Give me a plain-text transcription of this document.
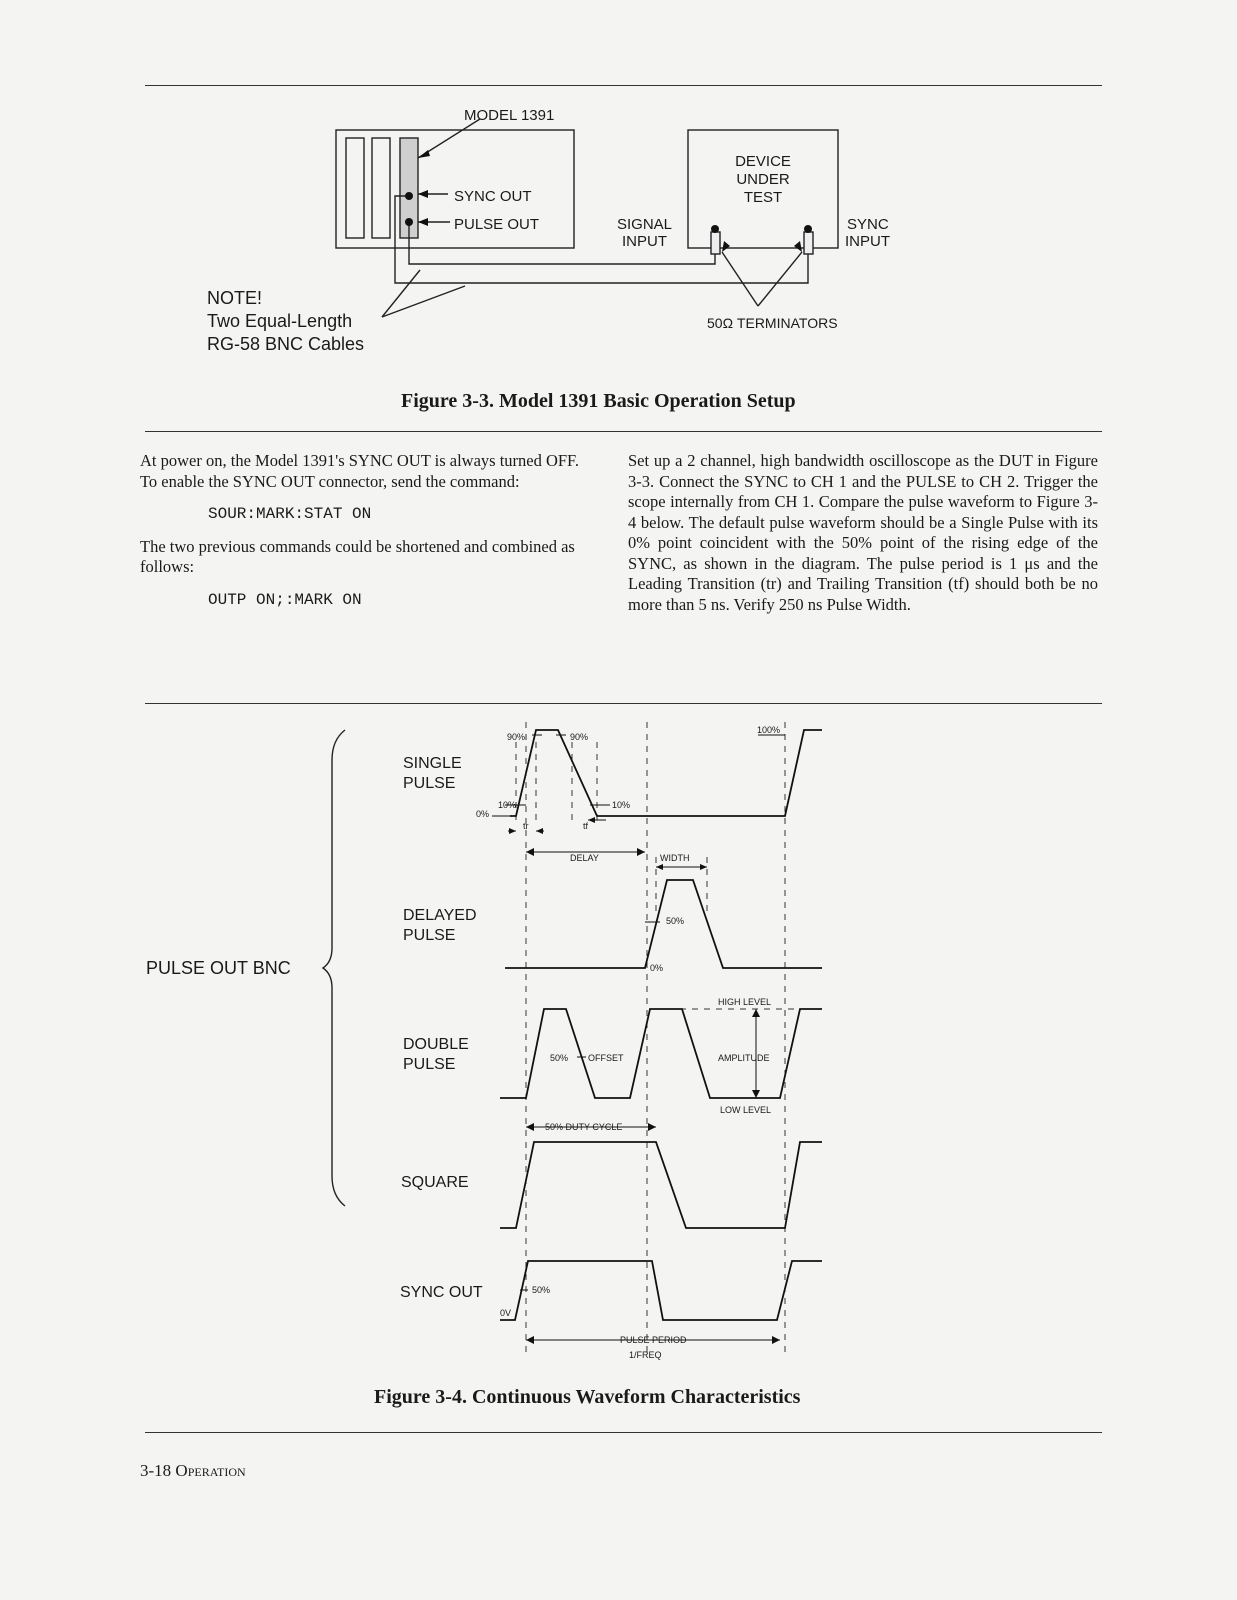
MODEL 1391
SYNC OUT
PULSE OUT
DEVICE
UNDER
TEST
SIGNAL
INPUT
SYNC
INPUT
50Ω TERMINATORS
NOTE!
Two Equal-Length
RG-58 BNC Cables
Figure 3-3. Model 1391 Basic Operation Setup

At power on, the Model 1391's SYNC OUT is always turned OFF. To enable the SYNC OUT connector, send the command:

SOUR:MARK:STAT ON

The two previous commands could be shortened and combined as follows:

OUTP ON;:MARK ON

Set up a 2 channel, high bandwidth oscilloscope as the DUT in Figure 3-3. Connect the SYNC to CH 1 and the PULSE to CH 2. Trigger the scope internally from CH 1. Compare the pulse waveform to Figure 3-4 below. The default pulse waveform should be a Single Pulse with its 0% point coincident with the 50% point of the rising edge of the SYNC, as shown in the diagram. The pulse period is 1 μs and the Leading Transition (tr) and Trailing Transition (tf) should both be no more than 5 ns. Verify 250 ns Pulse Width.

PULSE OUT BNC
SINGLE
PULSE
DELAYED
PULSE
DOUBLE
PULSE
SQUARE
SYNC OUT
90%	90%
100%
10%	10%
0%
tr	tf
DELAY	WIDTH
50%
0%
HIGH LEVEL
50% OFFSET	AMPLITUDE
LOW LEVEL
50% DUTY CYCLE
50%
0V
PULSE PERIOD
1/FREQ
Figure 3-4. Continuous Waveform Characteristics
3-18 Operation
